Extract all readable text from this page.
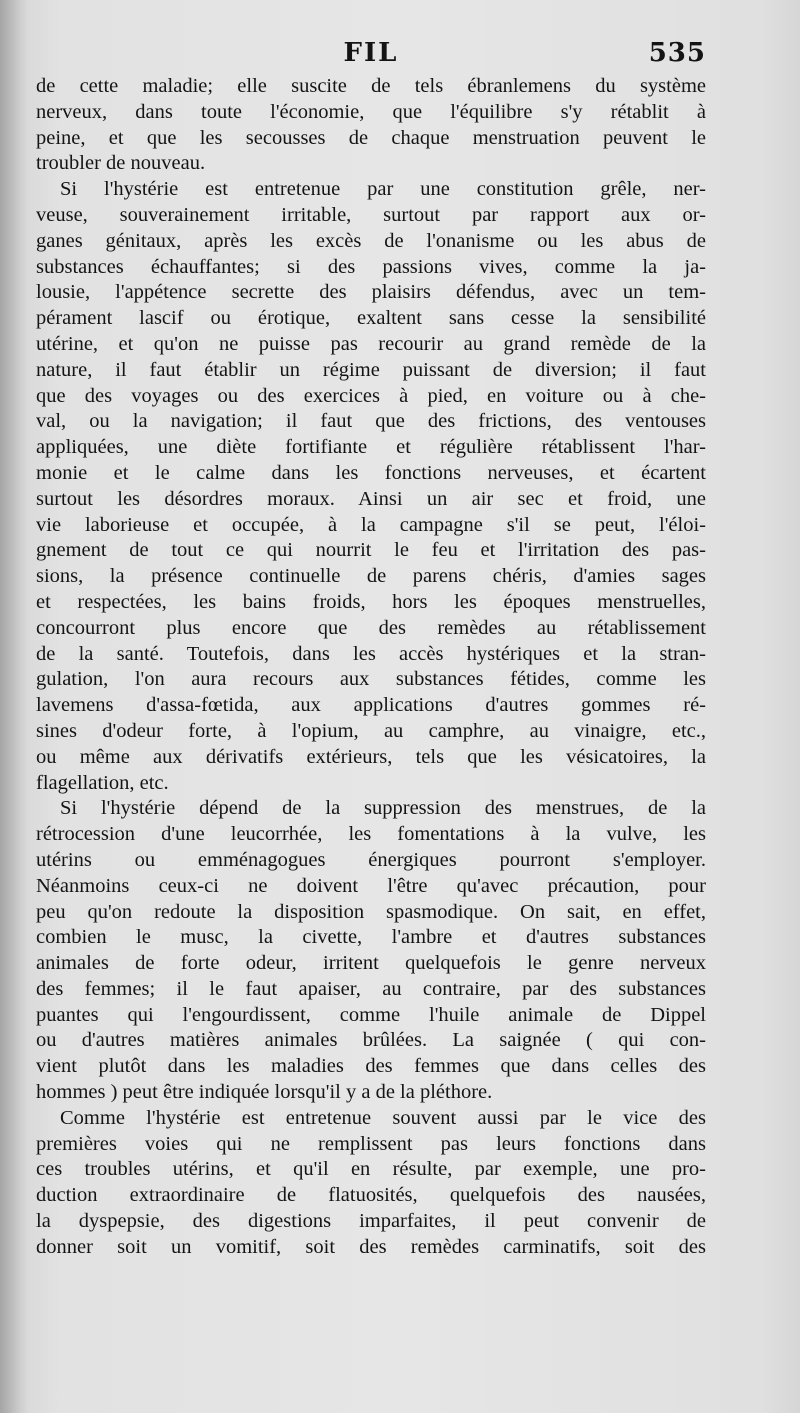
FIL	535
de cette maladie; elle suscite de tels ébranlemens du système
nerveux, dans toute l'économie, que l'équilibre s'y rétablit à
peine, et que les secousses de chaque menstruation peuvent le
troubler de nouveau.
Si l'hystérie est entretenue par une constitution grêle, ner-
veuse, souverainement irritable, surtout par rapport aux or-
ganes génitaux, après les excès de l'onanisme ou les abus de
substances échauffantes; si des passions vives, comme la ja-
lousie, l'appétence secrette des plaisirs défendus, avec un tem-
pérament lascif ou érotique, exaltent sans cesse la sensibilité
utérine, et qu'on ne puisse pas recourir au grand remède de la
nature, il faut établir un régime puissant de diversion; il faut
que des voyages ou des exercices à pied, en voiture ou à che-
val, ou la navigation; il faut que des frictions, des ventouses
appliquées, une diète fortifiante et régulière rétablissent l'har-
monie et le calme dans les fonctions nerveuses, et écartent
surtout les désordres moraux. Ainsi un air sec et froid, une
vie laborieuse et occupée, à la campagne s'il se peut, l'éloi-
gnement de tout ce qui nourrit le feu et l'irritation des pas-
sions, la présence continuelle de parens chéris, d'amies sages
et respectées, les bains froids, hors les époques menstruelles,
concourront plus encore que des remèdes au rétablissement
de la santé. Toutefois, dans les accès hystériques et la stran-
gulation, l'on aura recours aux substances fétides, comme les
lavemens d'assa-fœtida, aux applications d'autres gommes ré-
sines d'odeur forte, à l'opium, au camphre, au vinaigre, etc.,
ou même aux dérivatifs extérieurs, tels que les vésicatoires, la
flagellation, etc.
Si l'hystérie dépend de la suppression des menstrues, de la
rétrocession d'une leucorrhée, les fomentations à la vulve, les
utérins ou emménagogues énergiques pourront s'employer.
Néanmoins ceux-ci ne doivent l'être qu'avec précaution, pour
peu qu'on redoute la disposition spasmodique. On sait, en effet,
combien le musc, la civette, l'ambre et d'autres substances
animales de forte odeur, irritent quelquefois le genre nerveux
des femmes; il le faut apaiser, au contraire, par des substances
puantes qui l'engourdissent, comme l'huile animale de Dippel
ou d'autres matières animales brûlées. La saignée ( qui con-
vient plutôt dans les maladies des femmes que dans celles des
hommes ) peut être indiquée lorsqu'il y a de la pléthore.
Comme l'hystérie est entretenue souvent aussi par le vice des
premières voies qui ne remplissent pas leurs fonctions dans
ces troubles utérins, et qu'il en résulte, par exemple, une pro-
duction extraordinaire de flatuosités, quelquefois des nausées,
la dyspepsie, des digestions imparfaites, il peut convenir de
donner soit un vomitif, soit des remèdes carminatifs, soit des
